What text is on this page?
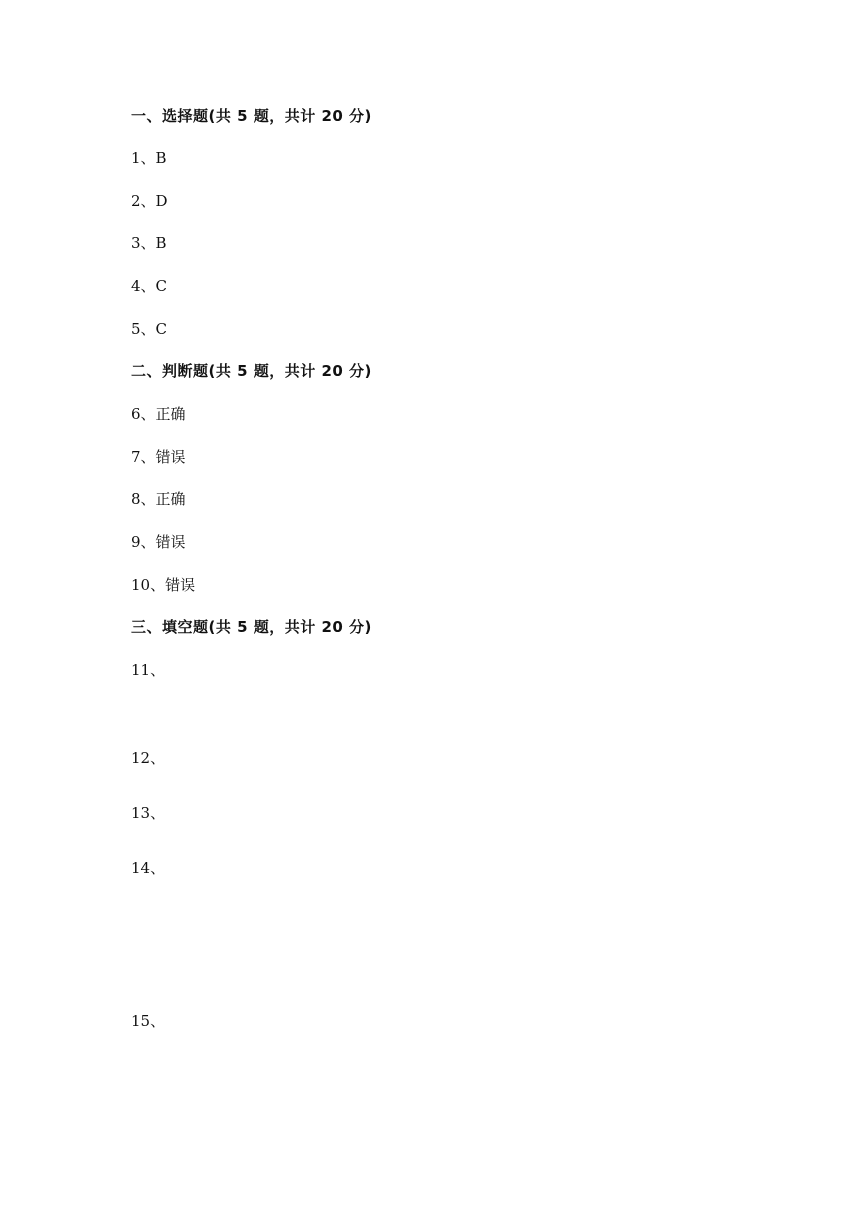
一、选择题(共 5 题，共计 20 分)
1、B
2、D
3、B
4、C
5、C
二、判断题(共 5 题，共计 20 分)
6、正确
7、错误
8、正确
9、错误
10、错误
三、填空题(共 5 题，共计 20 分)
11、
12、
13、
14、
15、
